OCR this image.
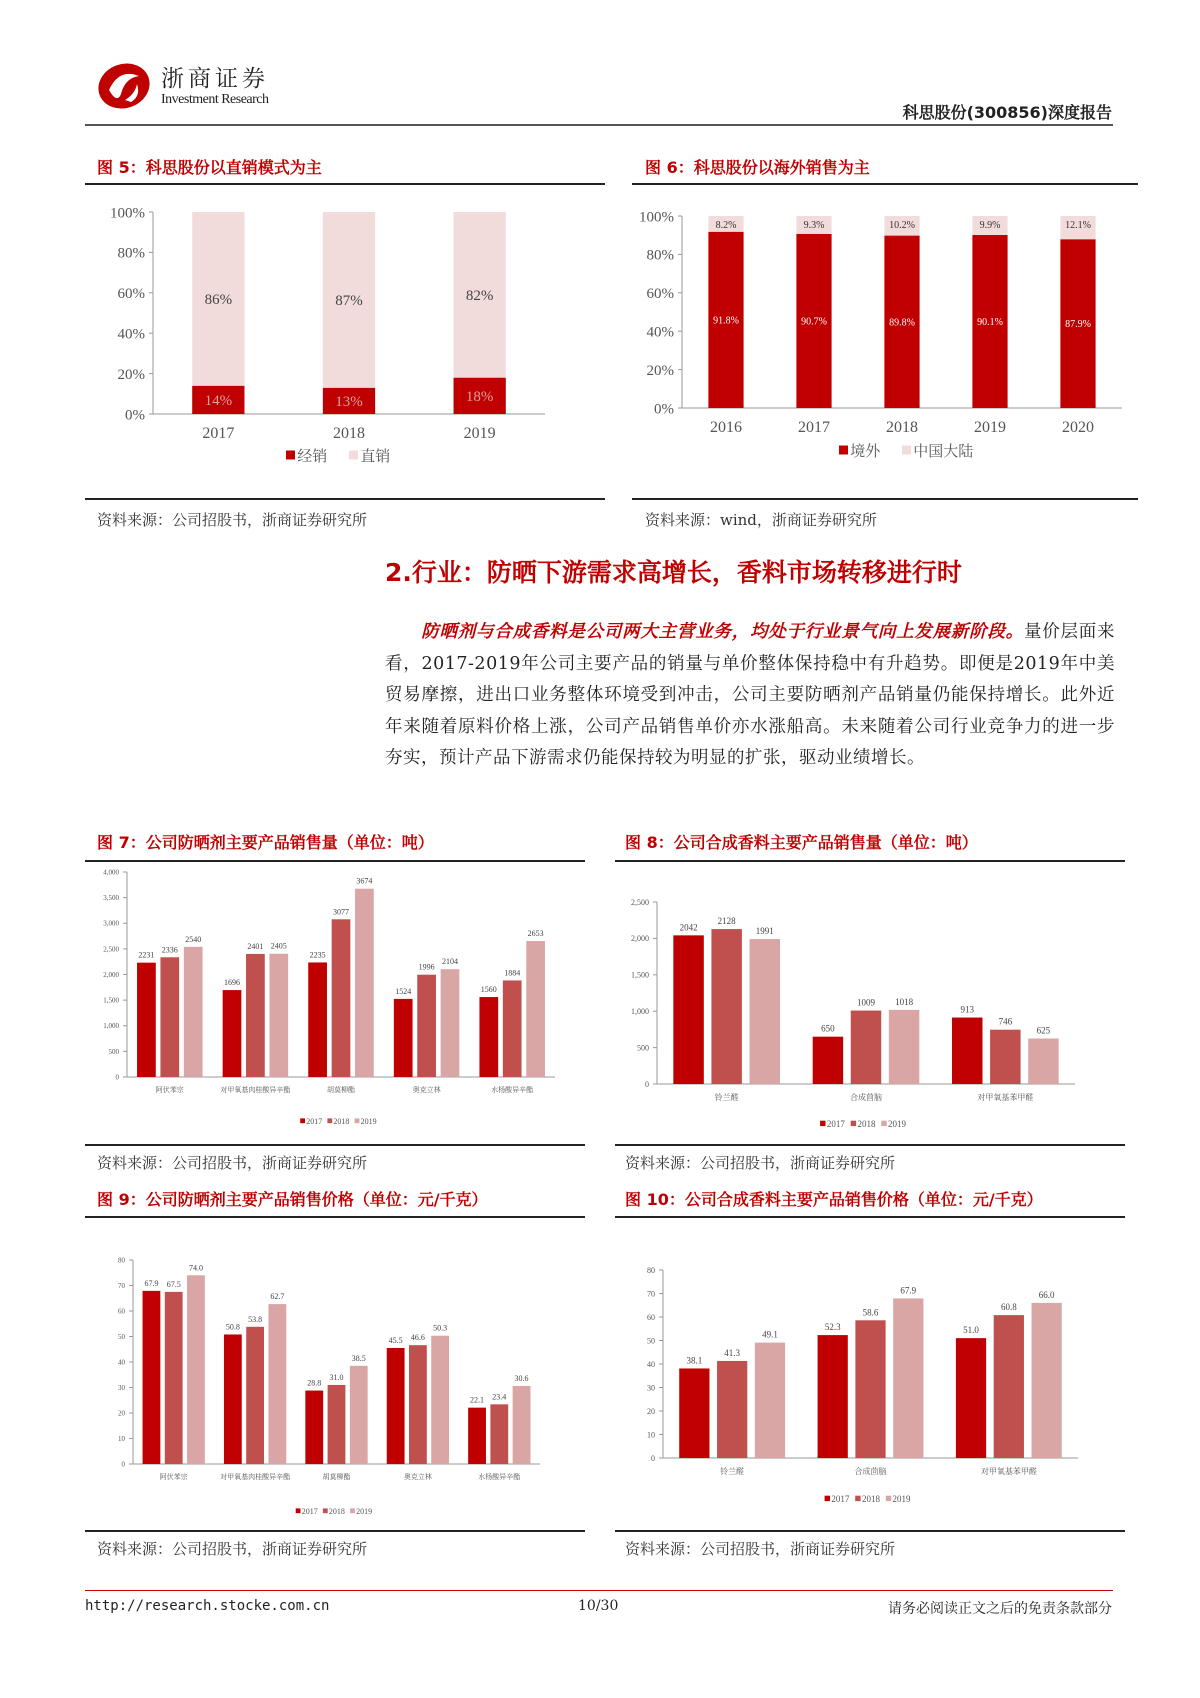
浙商证券
Investment Research
科思股份(300856)深度报告
图 5：科思股份以直销模式为主	图 6：科思股份以海外销售为主
0%
20%
40%
60%
80%
100%
2017
14%
86%
2018
13%
87%
2019
18%
82%
经销 直销
0%
20%
40%
60%
80%
100%
2016
91.8%
8.2%
2017
90.7%
9.3%
2018
89.8%
10.2%
2019
90.1%
9.9%
2020
87.9%
12.1%
境外 中国大陆
资料来源：公司招股书，浙商证券研究所	资料来源：wind，浙商证券研究所
2.行业：防晒下游需求高增长，香料市场转移进行时
防晒剂与合成香料是公司两大主营业务，均处于行业景气向上发展新阶段。量价层面来看，2017-2019年公司主要产品的销量与单价整体保持稳中有升趋势。即便是2019年中美贸易摩擦，进出口业务整体环境受到冲击，公司主要防晒剂产品销量仍能保持增长。此外近年来随着原料价格上涨，公司产品销售单价亦水涨船高。未来随着公司行业竞争力的进一步夯实，预计产品下游需求仍能保持较为明显的扩张，驱动业绩增长。
图 7：公司防晒剂主要产品销售量（单位：吨）	图 8：公司合成香料主要产品销售量（单位：吨）
0
500
1,000
1,500
2,000
2,500
3,000
3,500
4,000
阿伏苯宗
2231
2336
2540
对甲氧基肉桂酸异辛酯
1696
2401 2405
胡莫柳酯
2235
3077
3674
奥克立林
1524
1996
2104
水杨酸异辛酯
1560
1884
2653
2017 2018 2019
0
500
1,000
1,500
2,000
2,500
铃兰醛
2042
2128
1991
合成茴脑
650
1009 1018
对甲氧基苯甲醛
913
746
625
2017 2018 2019
资料来源：公司招股书，浙商证券研究所	资料来源：公司招股书，浙商证券研究所
图 9：公司防晒剂主要产品销售价格（单位：元/千克）	图 10：公司合成香料主要产品销售价格（单位：元/千克）
0
10
20
30
40
50
60
70
80
阿伏苯宗
67.9 67.5
74.0
对甲氧基肉桂酸异辛酯
50.8
53.8
62.7
胡莫柳酯
28.8
31.0
38.5
奥克立林
45.5 46.6
50.3
水杨酸异辛酯
22.1 23.4
30.6
2017 2018 2019
0
10
20
30
40
50
60
70
80
铃兰醛
38.1
41.3
49.1
合成茴脑
52.3
58.6
67.9
对甲氧基苯甲醛
51.0
60.8
66.0
2017 2018 2019
资料来源：公司招股书，浙商证券研究所	资料来源：公司招股书，浙商证券研究所
http://research.stocke.com.cn	10/30	请务必阅读正文之后的免责条款部分
